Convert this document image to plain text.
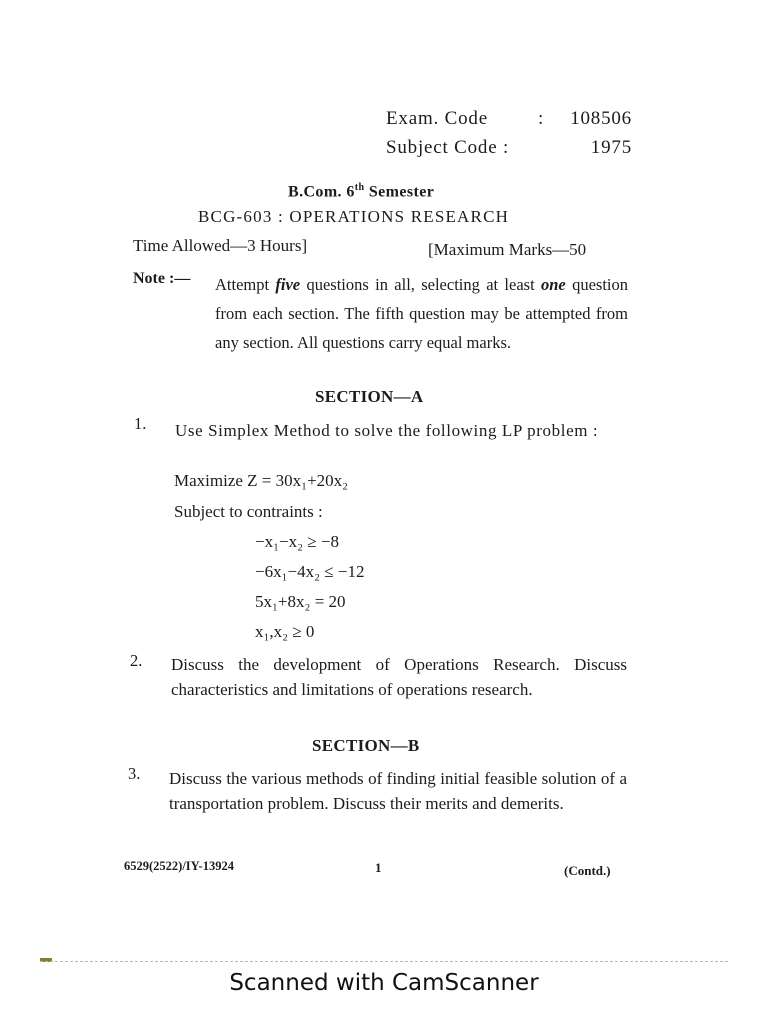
Exam. Code	: 108506
Subject Code :	1975
B.Com. 6th Semester
BCG-603 : OPERATIONS RESEARCH
Time Allowed—3 Hours]	[Maximum Marks—50
Note :— Attempt five questions in all, selecting at least one question from each section. The fifth question may be attempted from any section. All questions carry equal marks.
SECTION—A
1. Use Simplex Method to solve the following LP problem :
Maximize Z = 30x₁+20x₂
Subject to contraints :
−x₁−x₂ ≥ −8
−6x₁−4x₂ ≤ −12
5x₁+8x₂ = 20
x₁,x₂ ≥ 0
2. Discuss the development of Operations Research. Discuss characteristics and limitations of operations research.
SECTION—B
3. Discuss the various methods of finding initial feasible solution of a transportation problem. Discuss their merits and demerits.
6529(2522)/IY-13924	1	(Contd.)
Scanned with CamScanner
